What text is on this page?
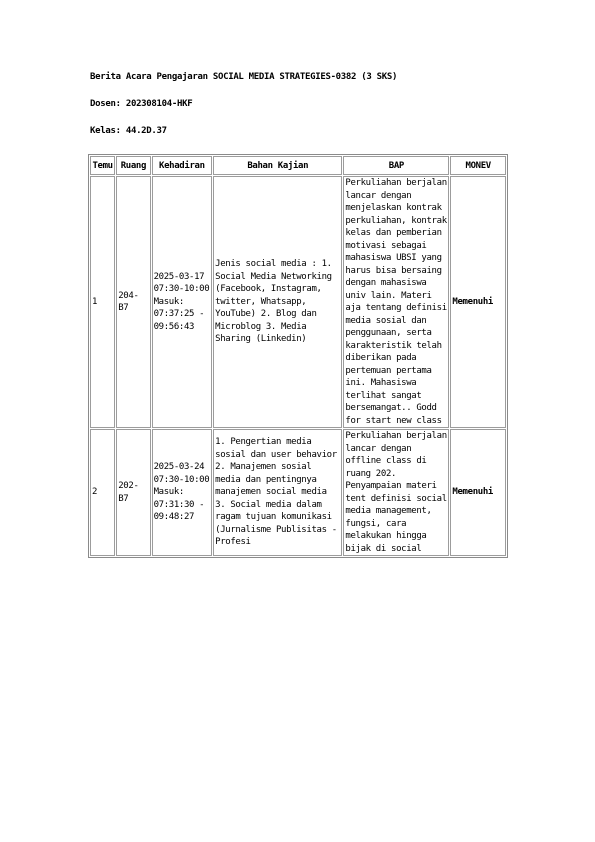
Berita Acara Pengajaran SOCIAL MEDIA STRATEGIES-0382 (3 SKS)
Dosen: 202308104-HKF
Kelas: 44.2D.37
Temu	Ruang	Kehadiran	Bahan Kajian	BAP	MONEV
1	204-B7	2025-03-17 07:30-10:00 Masuk: 07:37:25 - 09:56:43	Jenis social media : 1. Social Media Networking (Facebook, Instagram, twitter, Whatsapp, YouTube) 2. Blog dan Microblog 3. Media Sharing (Linkedin)	Perkuliahan berjalan lancar dengan menjelaskan kontrak perkuliahan, kontrak kelas dan pemberian motivasi sebagai mahasiswa UBSI yang harus bisa bersaing dengan mahasiswa univ lain. Materi aja tentang definisi media sosial dan penggunaan, serta karakteristik telah diberikan pada pertemuan pertama ini. Mahasiswa terlihat sangat bersemangat.. Godd for start new class	Memenuhi
2	202-B7	2025-03-24 07:30-10:00 Masuk: 07:31:30 - 09:48:27	1. Pengertian media sosial dan user behavior 2. Manajemen sosial media dan pentingnya manajemen social media 3. Social media dalam ragam tujuan komunikasi (Jurnalisme Publisitas - Profesi	Perkuliahan berjalan lancar dengan offline class di ruang 202. Penyampaian materi tent definisi social media management, fungsi, cara melakukan hingga bijak di social	Memenuhi
